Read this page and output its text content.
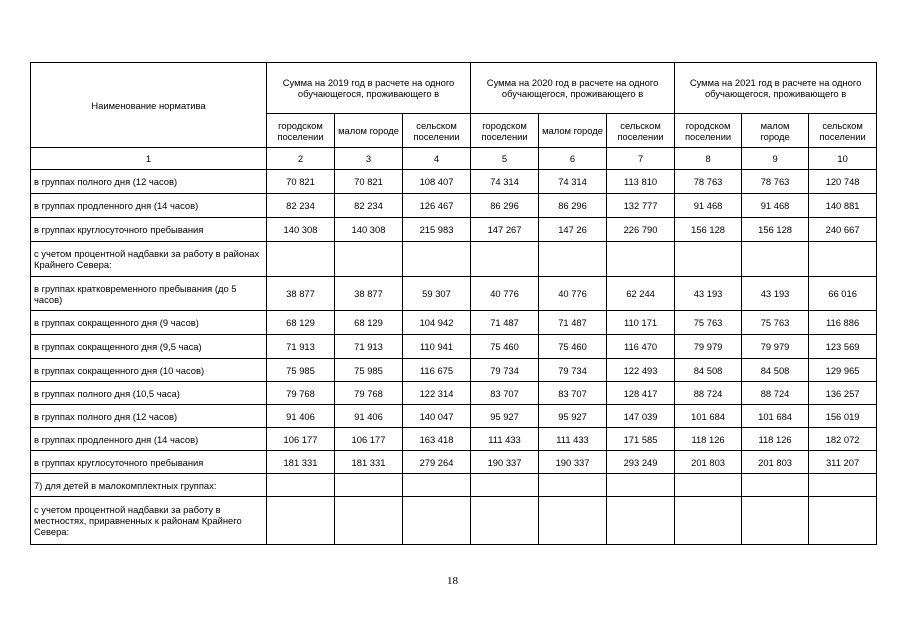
Наименование норматива	Сумма на 2019 год в расчете на одного обучающегося, проживающего в			Сумма на 2020 год в расчете на одного обучающегося, проживающего в			Сумма на 2021 год в расчете на одного обучающегося, проживающего в		
	городском поселении	малом городе	сельском поселении	городском поселении	малом городе	сельском поселении	городском поселении	малом городе	сельском поселении
1	2	3	4	5	6	7	8	9	10
в группах полного дня (12 часов)	70 821	70 821	108 407	74 314	74 314	113 810	78 763	78 763	120 748
в группах продленного дня (14 часов)	82 234	82 234	126 467	86 296	86 296	132 777	91 468	91 468	140 881
в группах круглосуточного пребывания	140 308	140 308	215 983	147 267	147 26	226 790	156 128	156 128	240 667
с учетом процентной надбавки за работу в районах Крайнего Севера:									
в группах кратковременного пребывания (до 5 часов)	38 877	38 877	59 307	40 776	40 776	62 244	43 193	43 193	66 016
в группах сокращенного дня (9 часов)	68 129	68 129	104 942	71 487	71 487	110 171	75 763	75 763	116 886
в группах сокращенного дня (9,5 часа)	71 913	71 913	110 941	75 460	75 460	116 470	79 979	79 979	123 569
в группах сокращенного дня (10 часов)	75 985	75 985	116 675	79 734	79 734	122 493	84 508	84 508	129 965
в группах полного дня (10,5 часа)	79 768	79 768	122 314	83 707	83 707	128 417	88 724	88 724	136 257
в группах полного дня (12 часов)	91 406	91 406	140 047	95 927	95 927	147 039	101 684	101 684	156 019
в группах продленного дня (14 часов)	106 177	106 177	163 418	111 433	111 433	171 585	118 126	118 126	182 072
в группах круглосуточного пребывания	181 331	181 331	279 264	190 337	190 337	293 249	201 803	201 803	311 207
7) для детей в малокомплектных группах:									
с учетом процентной надбавки за работу в местностях, приравненных к районам Крайнего Севера:									
18
